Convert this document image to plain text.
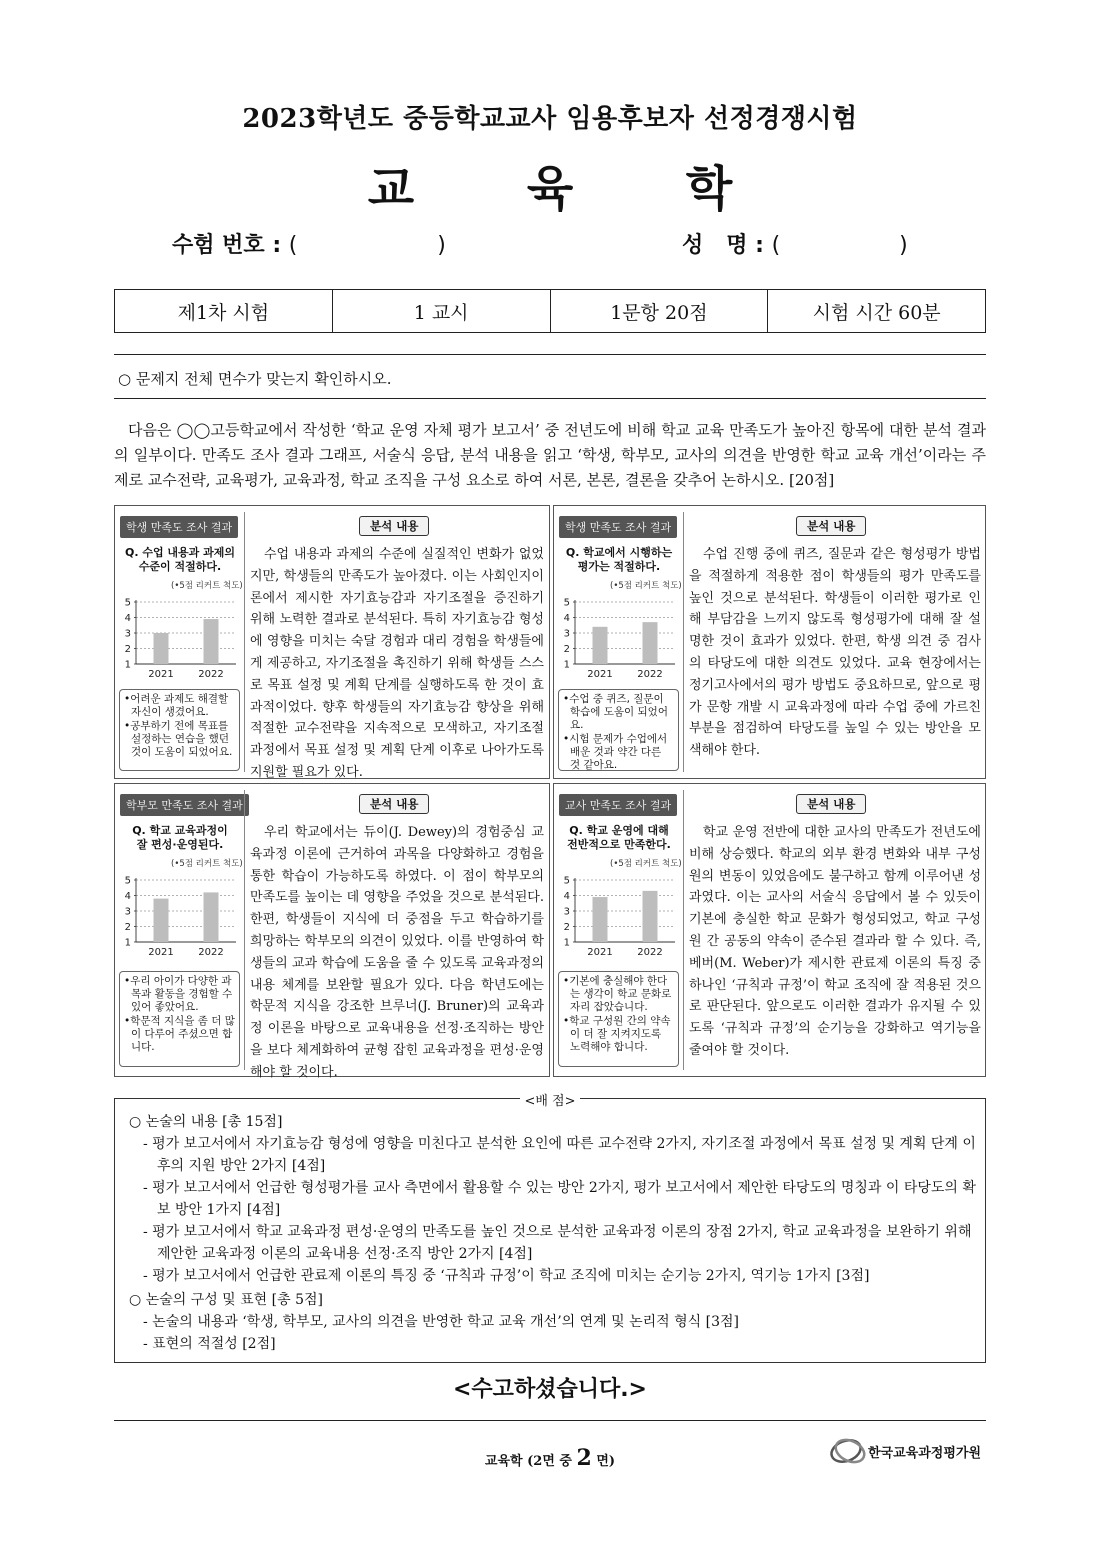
2023학년도 중등학교교사 임용후보자 선정경쟁시험
교 육 학
수험 번호 : (                    )	성   명 : (                 )
제1차 시험	1 교시	1문항 20점	시험 시간 60분
○ 문제지 전체 면수가 맞는지 확인하시오.

다음은 ◯◯고등학교에서 작성한 ‘학교 운영 자체 평가 보고서’ 중 전년도에 비해 학교 교육 만족도가 높아진 항목에 대한 분석 결과의 일부이다. 만족도 조사 결과 그래프, 서술식 응답, 분석 내용을 읽고 ‘학생, 학부모, 교사의 의견을 반영한 학교 교육 개선’이라는 주제로 교수전략, 교육평가, 교육과정, 학교 조직을 구성 요소로 하여 서론, 본론, 결론을 갖추어 논하시오. [20점]

학생 만족도 조사 결과
Q. 수업 내용과 과제의
수준이 적절하다.
(•5점 리커트 척도)
1
2
3
4
5
2021 2022
•어려운 과제도 해결할 자신이 생겼어요.
•공부하기 전에 목표를 설정하는 연습을 했던 것이 도움이 되었어요.
분석 내용

수업 내용과 과제의 수준에 실질적인 변화가 없었지만, 학생들의 만족도가 높아졌다. 이는 사회인지이론에서 제시한 자기효능감과 자기조절을 증진하기 위해 노력한 결과로 분석된다. 특히 자기효능감 형성에 영향을 미치는 숙달 경험과 대리 경험을 학생들에게 제공하고, 자기조절을 촉진하기 위해 학생들 스스로 목표 설정 및 계획 단계를 실행하도록 한 것이 효과적이었다. 향후 학생들의 자기효능감 향상을 위해 적절한 교수전략을 지속적으로 모색하고, 자기조절 과정에서 목표 설정 및 계획 단계 이후로 나아가도록 지원할 필요가 있다.

학생 만족도 조사 결과
Q. 학교에서 시행하는
평가는 적절하다.
(•5점 리커트 척도)
1
2
3
4
5
2021 2022
•수업 중 퀴즈, 질문이 학습에 도움이 되었어요.
•시험 문제가 수업에서 배운 것과 약간 다른 것 같아요.
분석 내용

수업 진행 중에 퀴즈, 질문과 같은 형성평가 방법을 적절하게 적용한 점이 학생들의 평가 만족도를 높인 것으로 분석된다. 학생들이 이러한 평가로 인해 부담감을 느끼지 않도록 형성평가에 대해 잘 설명한 것이 효과가 있었다. 한편, 학생 의견 중 검사의 타당도에 대한 의견도 있었다. 교육 현장에서는 정기고사에서의 평가 방법도 중요하므로, 앞으로 평가 문항 개발 시 교육과정에 따라 수업 중에 가르친 부분을 점검하여 타당도를 높일 수 있는 방안을 모색해야 한다.

학부모 만족도 조사 결과
Q. 학교 교육과정이
잘 편성·운영된다.
(•5점 리커트 척도)
1
2
3
4
5
2021 2022
•우리 아이가 다양한 과목과 활동을 경험할 수 있어 좋았어요.
•학문적 지식을 좀 더 많이 다루어 주셨으면 합니다.
분석 내용

우리 학교에서는 듀이(J. Dewey)의 경험중심 교육과정 이론에 근거하여 과목을 다양화하고 경험을 통한 학습이 가능하도록 하였다. 이 점이 학부모의 만족도를 높이는 데 영향을 주었을 것으로 분석된다. 한편, 학생들이 지식에 더 중점을 두고 학습하기를 희망하는 학부모의 의견이 있었다. 이를 반영하여 학생들의 교과 학습에 도움을 줄 수 있도록 교육과정의 내용 체계를 보완할 필요가 있다. 다음 학년도에는 학문적 지식을 강조한 브루너(J. Bruner)의 교육과정 이론을 바탕으로 교육내용을 선정·조직하는 방안을 보다 체계화하여 균형 잡힌 교육과정을 편성·운영해야 할 것이다.

교사 만족도 조사 결과
Q. 학교 운영에 대해
전반적으로 만족한다.
(•5점 리커트 척도)
1
2
3
4
5
2021 2022
•기본에 충실해야 한다는 생각이 학교 문화로 자리 잡았습니다.
•학교 구성원 간의 약속이 더 잘 지켜지도록 노력해야 합니다.
분석 내용

학교 운영 전반에 대한 교사의 만족도가 전년도에 비해 상승했다. 학교의 외부 환경 변화와 내부 구성원의 변동이 있었음에도 불구하고 함께 이루어낸 성과였다. 이는 교사의 서술식 응답에서 볼 수 있듯이 기본에 충실한 학교 문화가 형성되었고, 학교 구성원 간 공동의 약속이 준수된 결과라 할 수 있다. 즉, 베버(M. Weber)가 제시한 관료제 이론의 특징 중 하나인 ‘규칙과 규정’이 학교 조직에 잘 적용된 것으로 판단된다. 앞으로도 이러한 결과가 유지될 수 있도록 ‘규칙과 규정’의 순기능을 강화하고 역기능을 줄여야 할 것이다.

<배 점>

○ 논술의 내용 [총 15점]

- 평가 보고서에서 자기효능감 형성에 영향을 미친다고 분석한 요인에 따른 교수전략 2가지, 자기조절 과정에서 목표 설정 및 계획 단계 이후의 지원 방안 2가지 [4점]

- 평가 보고서에서 언급한 형성평가를 교사 측면에서 활용할 수 있는 방안 2가지, 평가 보고서에서 제안한 타당도의 명칭과 이 타당도의 확보 방안 1가지 [4점]

- 평가 보고서에서 학교 교육과정 편성·운영의 만족도를 높인 것으로 분석한 교육과정 이론의 장점 2가지, 학교 교육과정을 보완하기 위해 제안한 교육과정 이론의 교육내용 선정·조직 방안 2가지 [4점]

- 평가 보고서에서 언급한 관료제 이론의 특징 중 ‘규칙과 규정’이 학교 조직에 미치는 순기능 2가지, 역기능 1가지 [3점]

○ 논술의 구성 및 표현 [총 5점]

- 논술의 내용과 ‘학생, 학부모, 교사의 의견을 반영한 학교 교육 개선’의 연계 및 논리적 형식 [3점]

- 표현의 적절성 [2점]

<수고하셨습니다.>
교육학 (2면 중 2 면)
한국교육과정평가원
